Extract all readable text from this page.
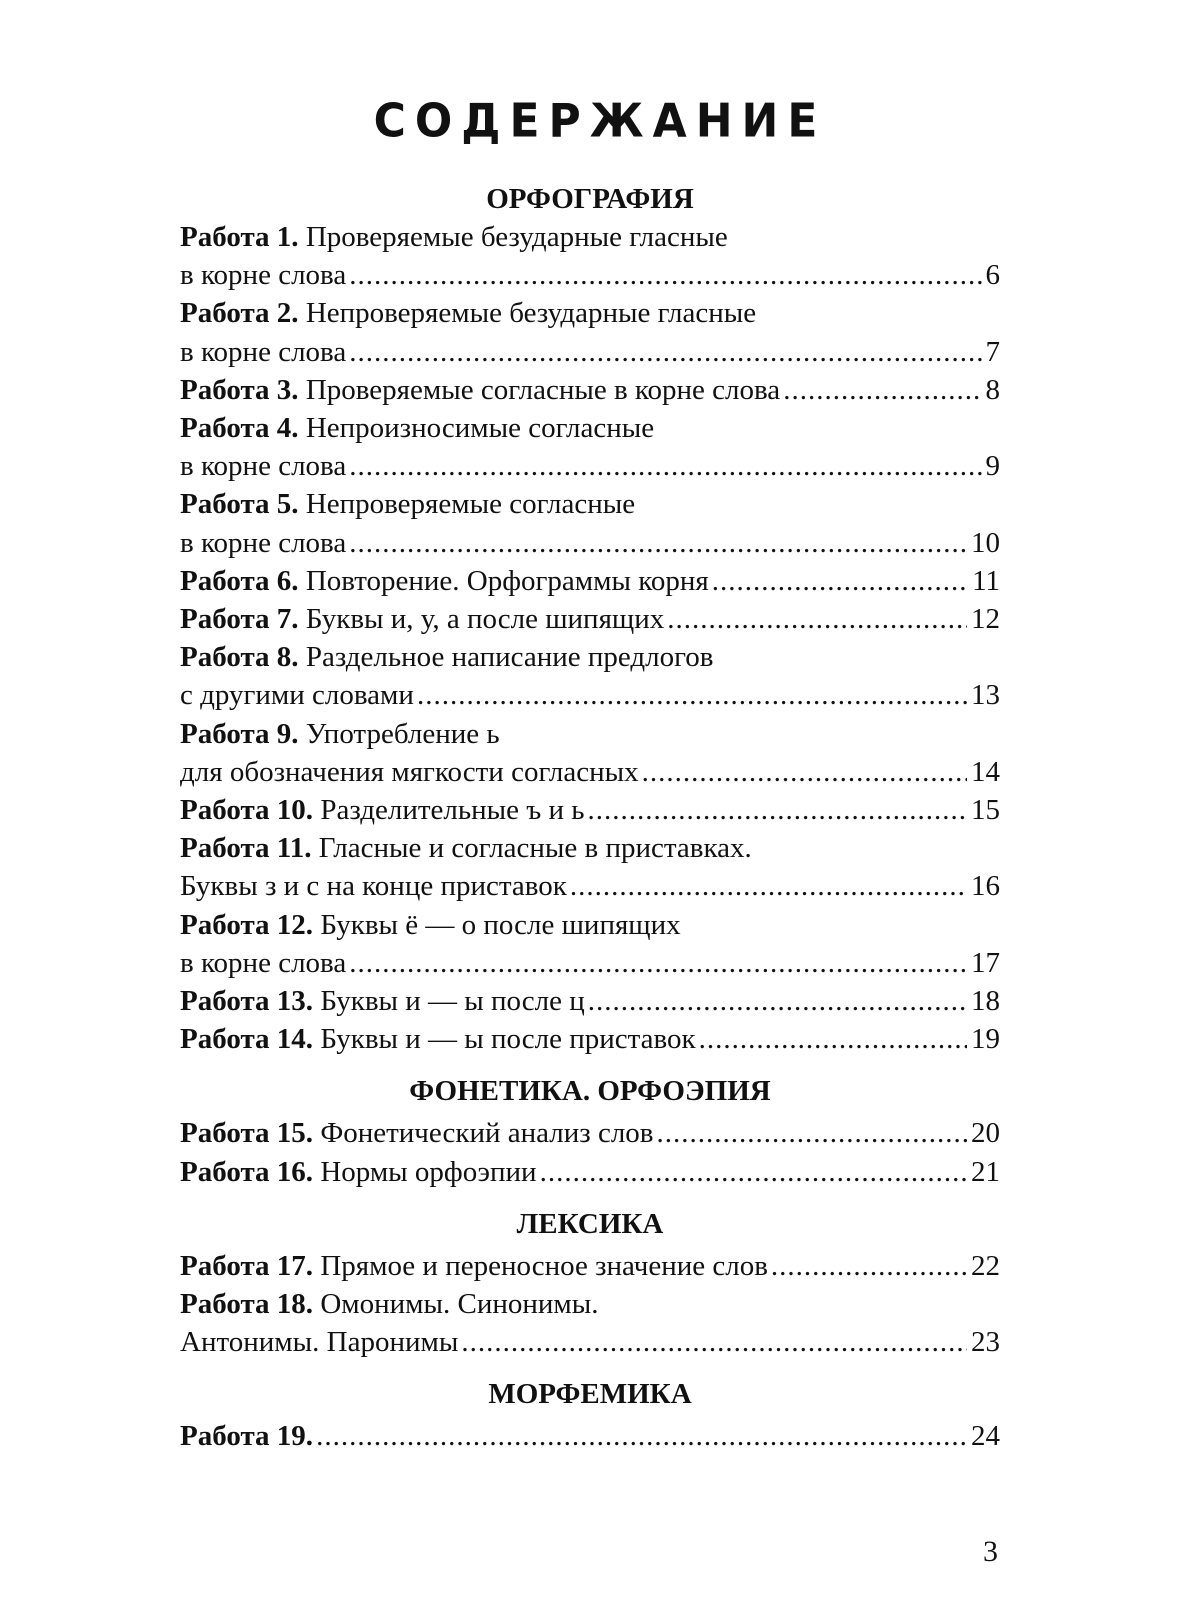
СОДЕРЖАНИЕ
ОРФОГРАФИЯ
Работа 1. Проверяемые безударные гласные
в корне слова .....	6
Работа 2. Непроверяемые безударные гласные
в корне слова .....	7
Работа 3. Проверяемые согласные в корне слова .....	8
Работа 4. Непроизносимые согласные
в корне слова .....	9
Работа 5. Непроверяемые согласные
в корне слова .....	10
Работа 6. Повторение. Орфограммы корня .....	11
Работа 7. Буквы и, у, а после шипящих .....	12
Работа 8. Раздельное написание предлогов
с другими словами .....	13
Работа 9. Употребление ь
для обозначения мягкости согласных .....	14
Работа 10. Разделительные ъ и ь .....	15
Работа 11. Гласные и согласные в приставках.
Буквы з и с на конце приставок .....	16
Работа 12. Буквы ё — о после шипящих
в корне слова .....	17
Работа 13. Буквы и — ы после ц .....	18
Работа 14. Буквы и — ы после приставок .....	19
ФОНЕТИКА. ОРФОЭПИЯ
Работа 15. Фонетический анализ слов .....	20
Работа 16. Нормы орфоэпии .....	21
ЛЕКСИКА
Работа 17. Прямое и переносное значение слов .....	22
Работа 18. Омонимы. Синонимы.
Антонимы. Паронимы .....	23
МОРФЕМИКА
Работа 19. .....	24
3
